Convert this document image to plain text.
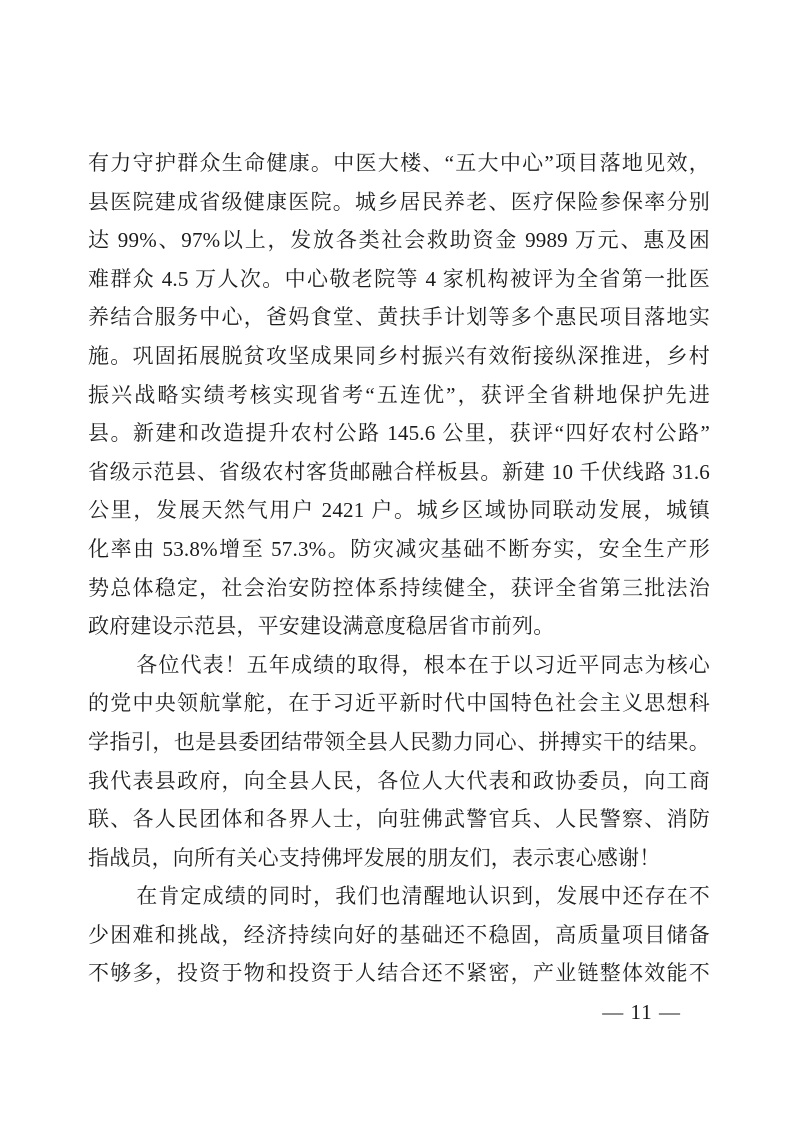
有力守护群众生命健康。中医大楼、“五大中心”项目落地见效，
县医院建成省级健康医院。城乡居民养老、医疗保险参保率分别
达 99%、97%以上，发放各类社会救助资金 9989 万元、惠及困
难群众 4.5 万人次。中心敬老院等 4 家机构被评为全省第一批医
养结合服务中心，爸妈食堂、黄扶手计划等多个惠民项目落地实
施。巩固拓展脱贫攻坚成果同乡村振兴有效衔接纵深推进，乡村
振兴战略实绩考核实现省考“五连优”，获评全省耕地保护先进
县。新建和改造提升农村公路 145.6 公里，获评“四好农村公路”
省级示范县、省级农村客货邮融合样板县。新建 10 千伏线路 31.6
公里，发展天然气用户 2421 户。城乡区域协同联动发展，城镇
化率由 53.8%增至 57.3%。防灾减灾基础不断夯实，安全生产形
势总体稳定，社会治安防控体系持续健全，获评全省第三批法治
政府建设示范县，平安建设满意度稳居省市前列。
各位代表！五年成绩的取得，根本在于以习近平同志为核心
的党中央领航掌舵，在于习近平新时代中国特色社会主义思想科
学指引，也是县委团结带领全县人民勠力同心、拼搏实干的结果。
我代表县政府，向全县人民，各位人大代表和政协委员，向工商
联、各人民团体和各界人士，向驻佛武警官兵、人民警察、消防
指战员，向所有关心支持佛坪发展的朋友们，表示衷心感谢！
在肯定成绩的同时，我们也清醒地认识到，发展中还存在不
少困难和挑战，经济持续向好的基础还不稳固，高质量项目储备
不够多，投资于物和投资于人结合还不紧密，产业链整体效能不
— 11 —
